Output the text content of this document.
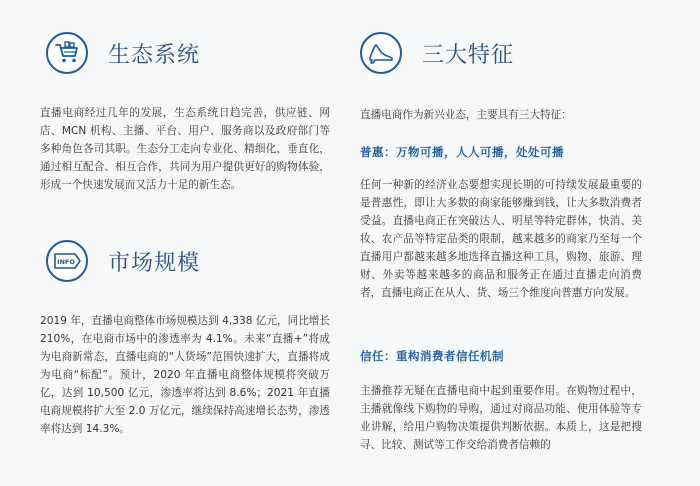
生态系统
直播电商经过几年的发展，生态系统日趋完善，供应链、网店、MCN 机构、主播、平台、用户、服务商以及政府部门等多种角色各司其职。生态分工走向专业化、精细化、垂直化，通过相互配合、相互合作，共同为用户提供更好的购物体验，形成一个快速发展而又活力十足的新生态。
INFO 市场规模
2019 年，直播电商整体市场规模达到 4,338 亿元，同比增长 210%，在电商市场中的渗透率为 4.1%。未来“直播+”将成为电商新常态，直播电商的“人货场”范围快速扩大，直播将成为电商“标配”。预计，2020 年直播电商整体规模将突破万亿，达到 10,500 亿元，渗透率将达到 8.6%；2021 年直播电商规模将扩大至 2.0 万亿元，继续保持高速增长态势，渗透率将达到 14.3%。
三大特征
直播电商作为新兴业态，主要具有三大特征：
普惠：万物可播，人人可播，处处可播
任何一种新的经济业态要想实现长期的可持续发展最重要的是普惠性，即让大多数的商家能够赚到钱，让大多数消费者受益。直播电商正在突破达人、明星等特定群体，快消、美妆、农产品等特定品类的限制，越来越多的商家乃至每一个直播用户都越来越多地选择直播这种工具，购物、旅游、理财、外卖等越来越多的商品和服务正在通过直播走向消费者，直播电商正在从人、货、场三个维度向普惠方向发展。
信任：重构消费者信任机制
主播推荐无疑在直播电商中起到重要作用。在购物过程中，主播就像线下购物的导购，通过对商品功能、使用体验等专业讲解，给用户购物决策提供判断依据。本质上，这是把搜寻、比较、测试等工作交给消费者信赖的
